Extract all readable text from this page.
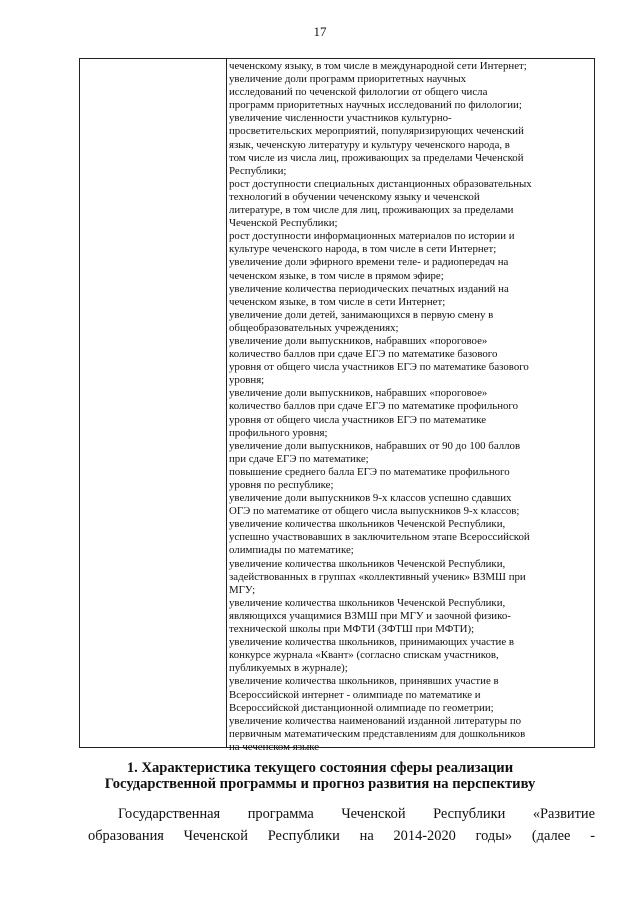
17
чеченскому языку, в том числе в международной сети Интернет;
увеличение доли программ приоритетных научных
исследований по чеченской филологии от общего числа
программ приоритетных научных исследований по филологии;
увеличение численности участников культурно-
просветительских мероприятий, популяризирующих чеченский
язык, чеченскую литературу и культуру чеченского народа, в
том числе из числа лиц, проживающих за пределами Чеченской
Республики;
рост доступности специальных дистанционных образовательных
технологий в обучении чеченскому языку и чеченской
литературе, в том числе для лиц, проживающих за пределами
Чеченской Республики;
рост доступности информационных материалов по истории и
культуре чеченского народа, в том числе в сети Интернет;
увеличение доли эфирного времени теле- и радиопередач на
чеченском языке, в том числе в прямом эфире;
увеличение количества периодических печатных изданий на
чеченском языке, в том числе в сети Интернет;
увеличение доли детей, занимающихся в первую смену в
общеобразовательных учреждениях;
увеличение доли выпускников, набравших «пороговое»
количество баллов при сдаче ЕГЭ по математике базового
уровня от общего числа участников ЕГЭ по математике базового
уровня;
увеличение доли выпускников, набравших «пороговое»
количество баллов при сдаче ЕГЭ по математике профильного
уровня от общего числа участников ЕГЭ по математике
профильного уровня;
увеличение доли выпускников, набравших от 90 до 100 баллов
при сдаче ЕГЭ по математике;
повышение среднего балла ЕГЭ по математике профильного
уровня по республике;
увеличение доли выпускников 9-х классов успешно сдавших
ОГЭ по математике от общего числа выпускников 9-х классов;
увеличение количества школьников Чеченской Республики,
успешно участвовавших в заключительном этапе Всероссийской
олимпиады по математике;
увеличение количества школьников Чеченской Республики,
задействованных в группах «коллективный ученик» ВЗМШ при
МГУ;
увеличение количества школьников Чеченской Республики,
являющихся учащимися ВЗМШ при МГУ и заочной физико-
технической школы при МФТИ (ЗФТШ при МФТИ);
увеличение количества школьников, принимающих участие в
конкурсе журнала «Квант» (согласно спискам участников,
публикуемых в журнале);
увеличение количества школьников, принявших участие в
Всероссийской интернет - олимпиаде по математике и
Всероссийской дистанционной олимпиаде по геометрии;
увеличение количества наименований изданной литературы по
первичным математическим представлениям для дошкольников
на чеченском языке
1. Характеристика текущего состояния сферы реализации
Государственной программы и прогноз развития на перспективу
Государственная программа Чеченской Республики «Развитие
образования Чеченской Республики на 2014-2020 годы» (далее -
